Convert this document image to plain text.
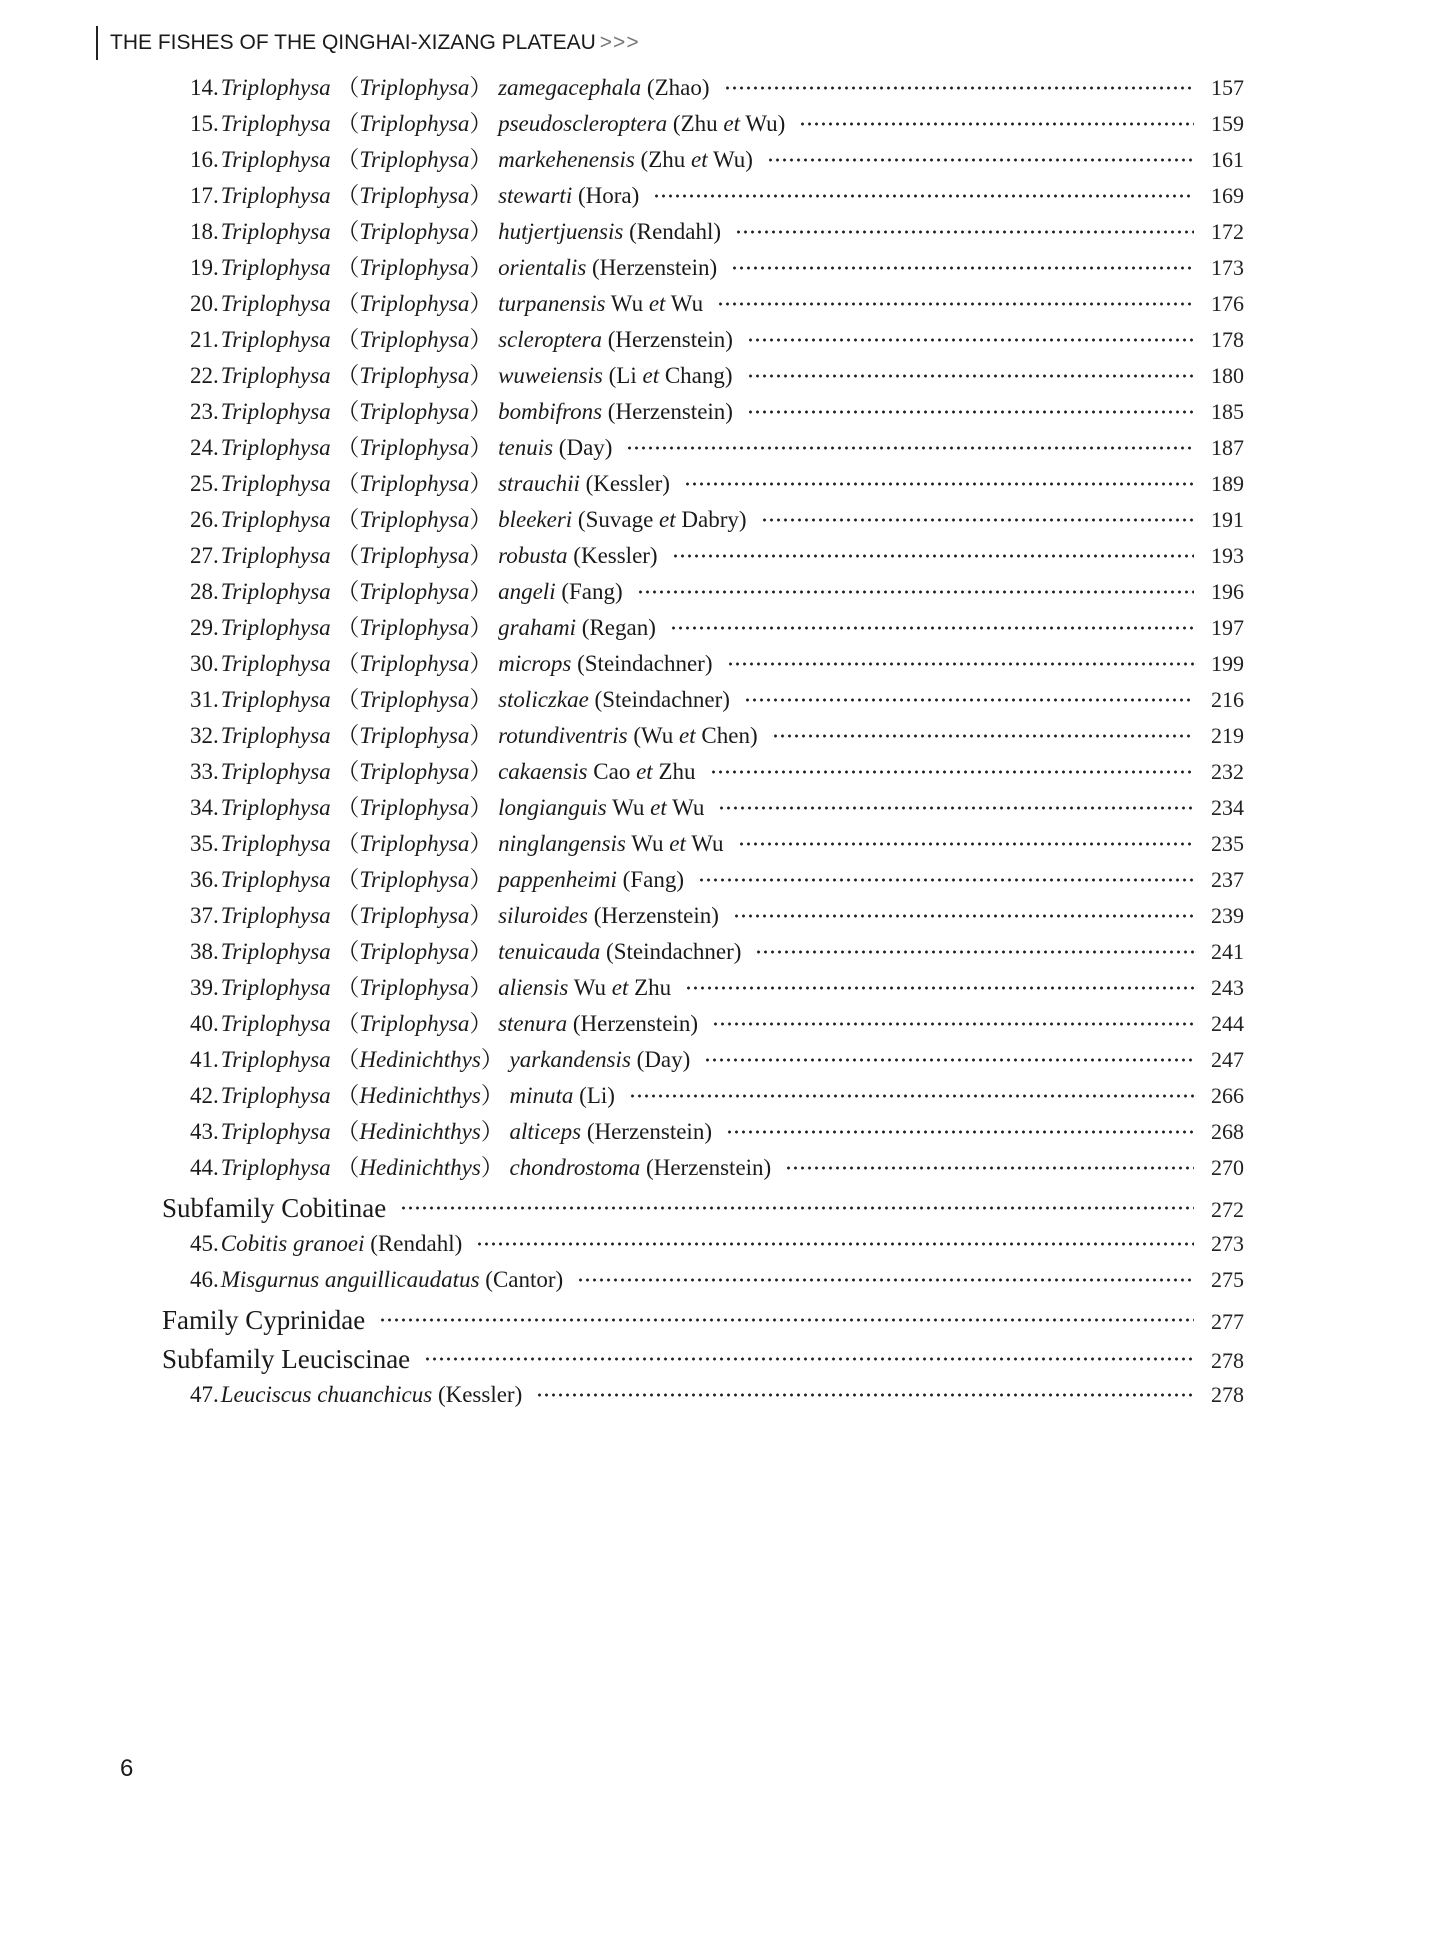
THE FISHES OF THE QINGHAI-XIZANG PLATEAU >>>
14.Triplophysa （Triplophysa） zamegacephala (Zhao)	157
15.Triplophysa （Triplophysa） pseudoscleroptera (Zhu et Wu)	159
16.Triplophysa （Triplophysa） markehenensis (Zhu et Wu)	161
17.Triplophysa （Triplophysa） stewarti (Hora)	169
18.Triplophysa （Triplophysa） hutjertjuensis (Rendahl)	172
19.Triplophysa （Triplophysa） orientalis (Herzenstein)	173
20.Triplophysa （Triplophysa） turpanensis Wu et Wu	176
21.Triplophysa （Triplophysa） scleroptera (Herzenstein)	178
22.Triplophysa （Triplophysa） wuweiensis (Li et Chang)	180
23.Triplophysa （Triplophysa） bombifrons (Herzenstein)	185
24.Triplophysa （Triplophysa） tenuis (Day)	187
25.Triplophysa （Triplophysa） strauchii (Kessler)	189
26.Triplophysa （Triplophysa） bleekeri (Suvage et Dabry)	191
27.Triplophysa （Triplophysa） robusta (Kessler)	193
28.Triplophysa （Triplophysa） angeli (Fang)	196
29.Triplophysa （Triplophysa） grahami (Regan)	197
30.Triplophysa （Triplophysa） microps (Steindachner)	199
31.Triplophysa （Triplophysa） stoliczkae (Steindachner)	216
32.Triplophysa （Triplophysa） rotundiventris (Wu et Chen)	219
33.Triplophysa （Triplophysa） cakaensis Cao et Zhu	232
34.Triplophysa （Triplophysa） longianguis Wu et Wu	234
35.Triplophysa （Triplophysa） ninglangensis Wu et Wu	235
36.Triplophysa （Triplophysa） pappenheimi (Fang)	237
37.Triplophysa （Triplophysa） siluroides (Herzenstein)	239
38.Triplophysa （Triplophysa） tenuicauda (Steindachner)	241
39.Triplophysa （Triplophysa） aliensis Wu et Zhu	243
40.Triplophysa （Triplophysa） stenura (Herzenstein)	244
41.Triplophysa （Hedinichthys） yarkandensis (Day)	247
42.Triplophysa （Hedinichthys） minuta (Li)	266
43.Triplophysa （Hedinichthys） alticeps (Herzenstein)	268
44.Triplophysa （Hedinichthys） chondrostoma (Herzenstein)	270
Subfamily Cobitinae	272
45.Cobitis granoei (Rendahl)	273
46.Misgurnus anguillicaudatus (Cantor)	275
Family Cyprinidae	277
Subfamily Leuciscinae	278
47.Leuciscus chuanchicus (Kessler)	278
6
